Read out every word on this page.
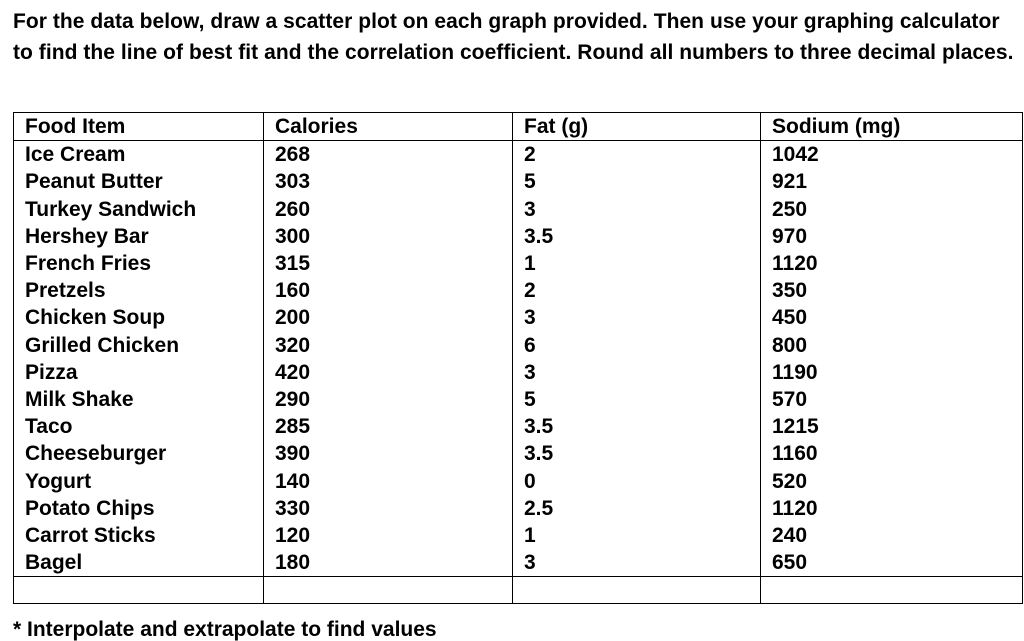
For the data below, draw a scatter plot on each graph provided. Then use your graphing calculator to find the line of best fit and the correlation coefficient. Round all numbers to three decimal places.

Food Item	Calories	Fat (g)	Sodium (mg)
Ice Cream	268	2	1042
Peanut Butter	303	5	921
Turkey Sandwich	260	3	250
Hershey Bar	300	3.5	970
French Fries	315	1	1120
Pretzels	160	2	350
Chicken Soup	200	3	450
Grilled Chicken	320	6	800
Pizza	420	3	1190
Milk Shake	290	5	570
Taco	285	3.5	1215
Cheeseburger	390	3.5	1160
Yogurt	140	0	520
Potato Chips	330	2.5	1120
Carrot Sticks	120	1	240
Bagel	180	3	650

* Interpolate and extrapolate to find values
